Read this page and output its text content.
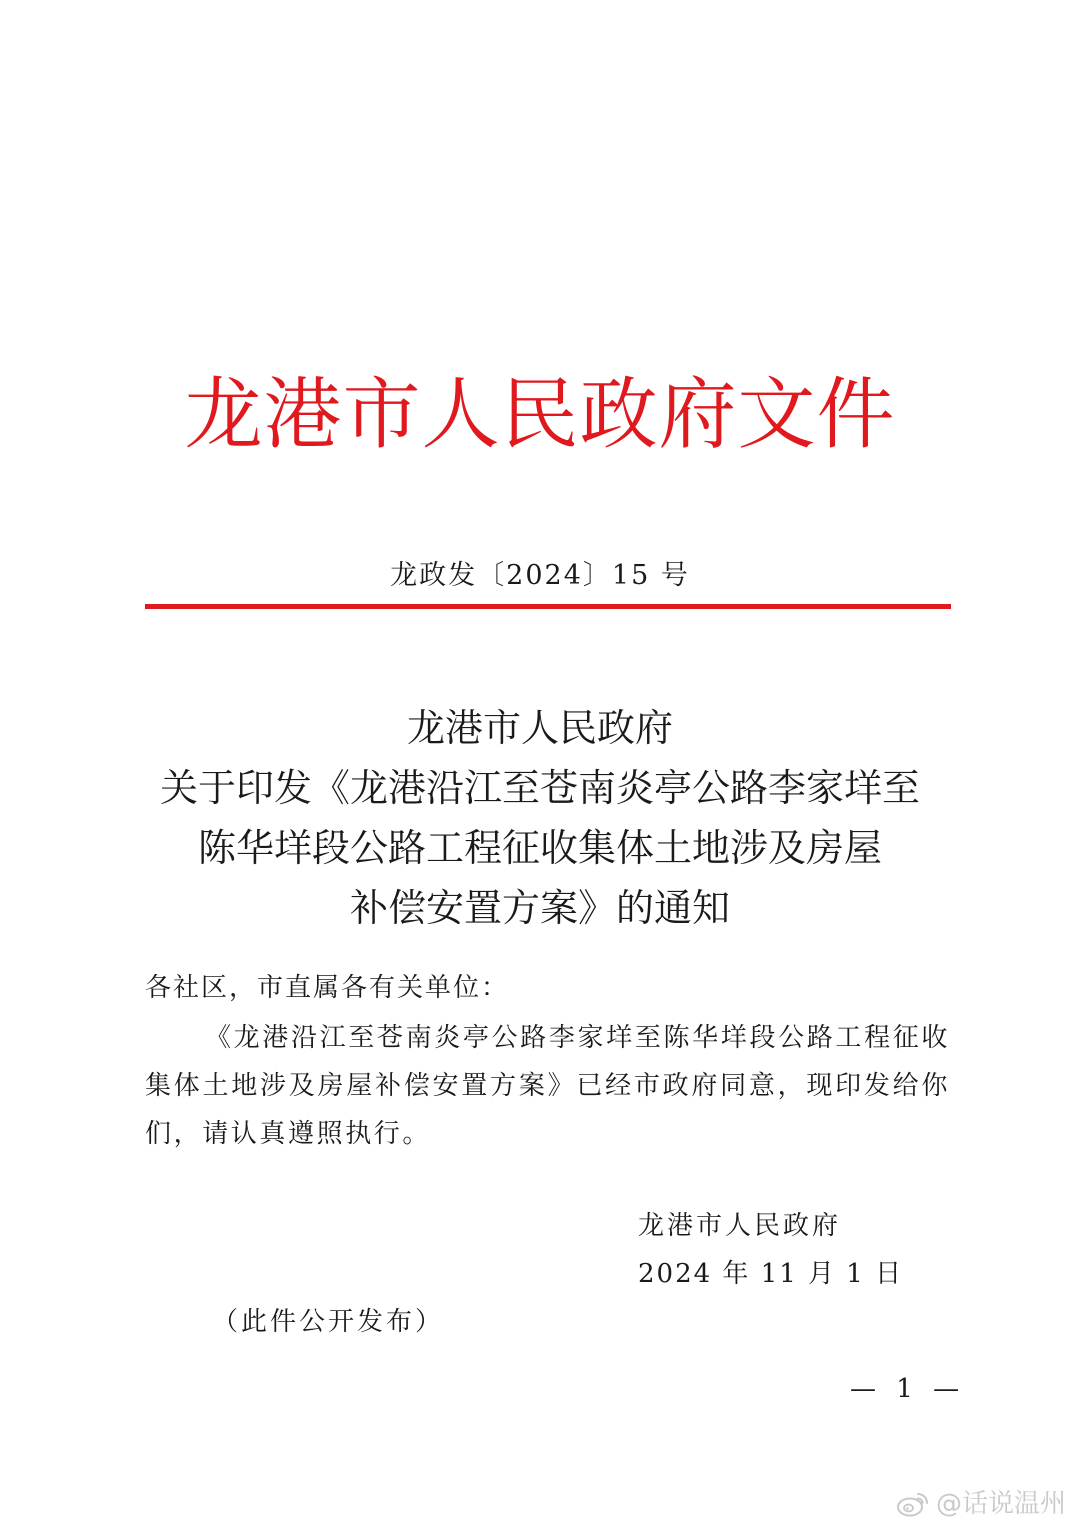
龙港市人民政府文件
龙政发〔2024〕15 号
龙港市人民政府
关于印发《龙港沿江至苍南炎亭公路李家垟至
陈华垟段公路工程征收集体土地涉及房屋
补偿安置方案》的通知
各社区，市直属各有关单位：
《龙港沿江至苍南炎亭公路李家垟至陈华垟段公路工程征收集体土地涉及房屋补偿安置方案》已经市政府同意，现印发给你们，请认真遵照执行。
龙港市人民政府
2024 年 11 月 1 日
（此件公开发布）
— 1 —
@话说温州
